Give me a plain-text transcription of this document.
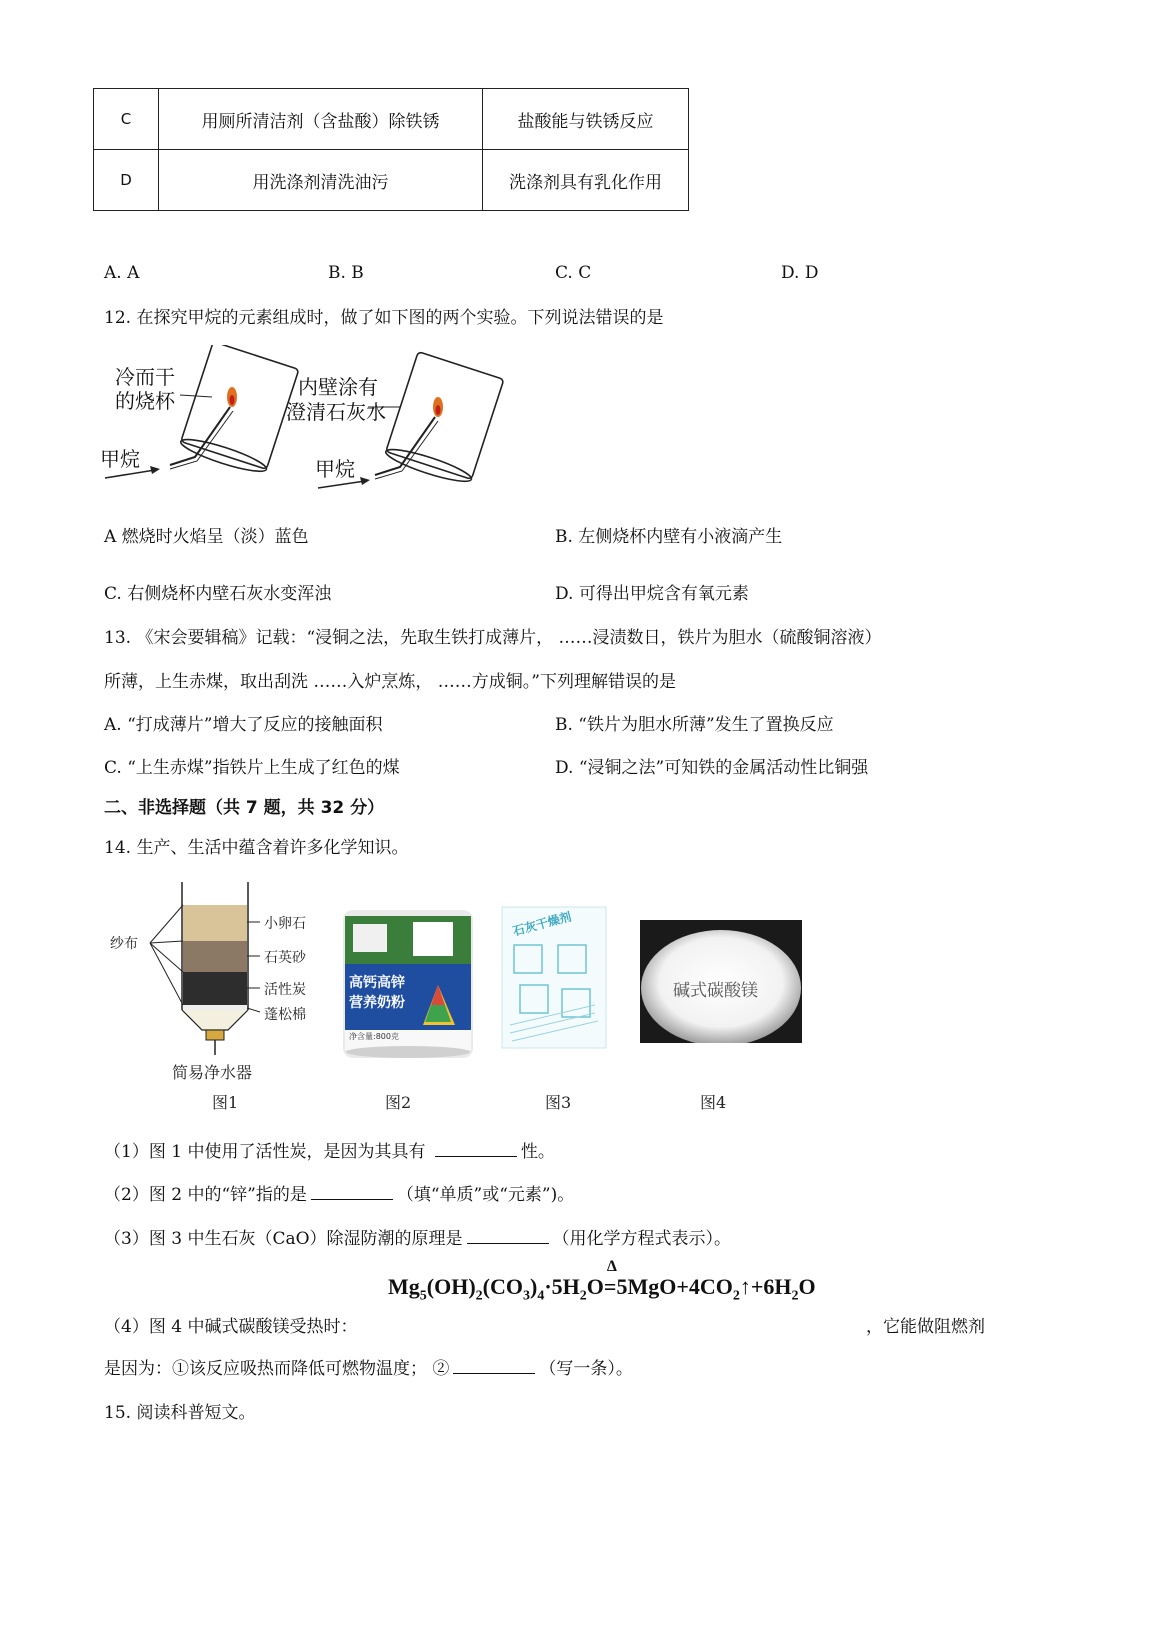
C	用厕所清洁剂（含盐酸）除铁锈	盐酸能与铁锈反应
D	用洗涤剂清洗油污	洗涤剂具有乳化作用
A. A	B. B	C. C	D. D
12. 在探究甲烷的元素组成时，做了如下图的两个实验。下列说法错误的是
冷而干
的烧杯
甲烷
内壁涂有
澄清石灰水
甲烷
A 燃烧时火焰呈（淡）蓝色	B. 左侧烧杯内壁有小液滴产生
C. 右侧烧杯内壁石灰水变浑浊	D. 可得出甲烷含有氧元素
13. 《宋会要辑稿》记载：“浸铜之法，先取生铁打成薄片， ……浸渍数日，铁片为胆水（硫酸铜溶液）
所薄，上生赤煤，取出刮洗 ……入炉烹炼， ……方成铜。”下列理解错误的是
A. “打成薄片”增大了反应的接触面积	B. “铁片为胆水所薄”发生了置换反应
C. “上生赤煤”指铁片上生成了红色的煤	D. “浸铜之法”可知铁的金属活动性比铜强
二、非选择题（共 7 题，共 32 分）
14. 生产、生活中蕴含着许多化学知识。
纱布
小卵石
石英砂
活性炭
蓬松棉
简易净水器
图1
高钙高锌
营养奶粉
净含量:800克
图2
石灰干燥剂
图3
碱式碳酸镁
图4
（1）图 1 中使用了活性炭，是因为其具有	性。
（2）图 2 中的“锌”指的是	（填“单质”或“元素”)。
（3）图 3 中生石灰（CaO）除湿防潮的原理是	（用化学方程式表示）。
$Mg_5(OH)_2(CO_3)_4\cdot 5H_2O$
Δ
$=5MgO+4CO_2↑+6H_2O$
（4）图 4 中碱式碳酸镁受热时：	，它能做阻燃剂
是因为：①该反应吸热而降低可燃物温度； ②	（写一条）。
15. 阅读科普短文。
